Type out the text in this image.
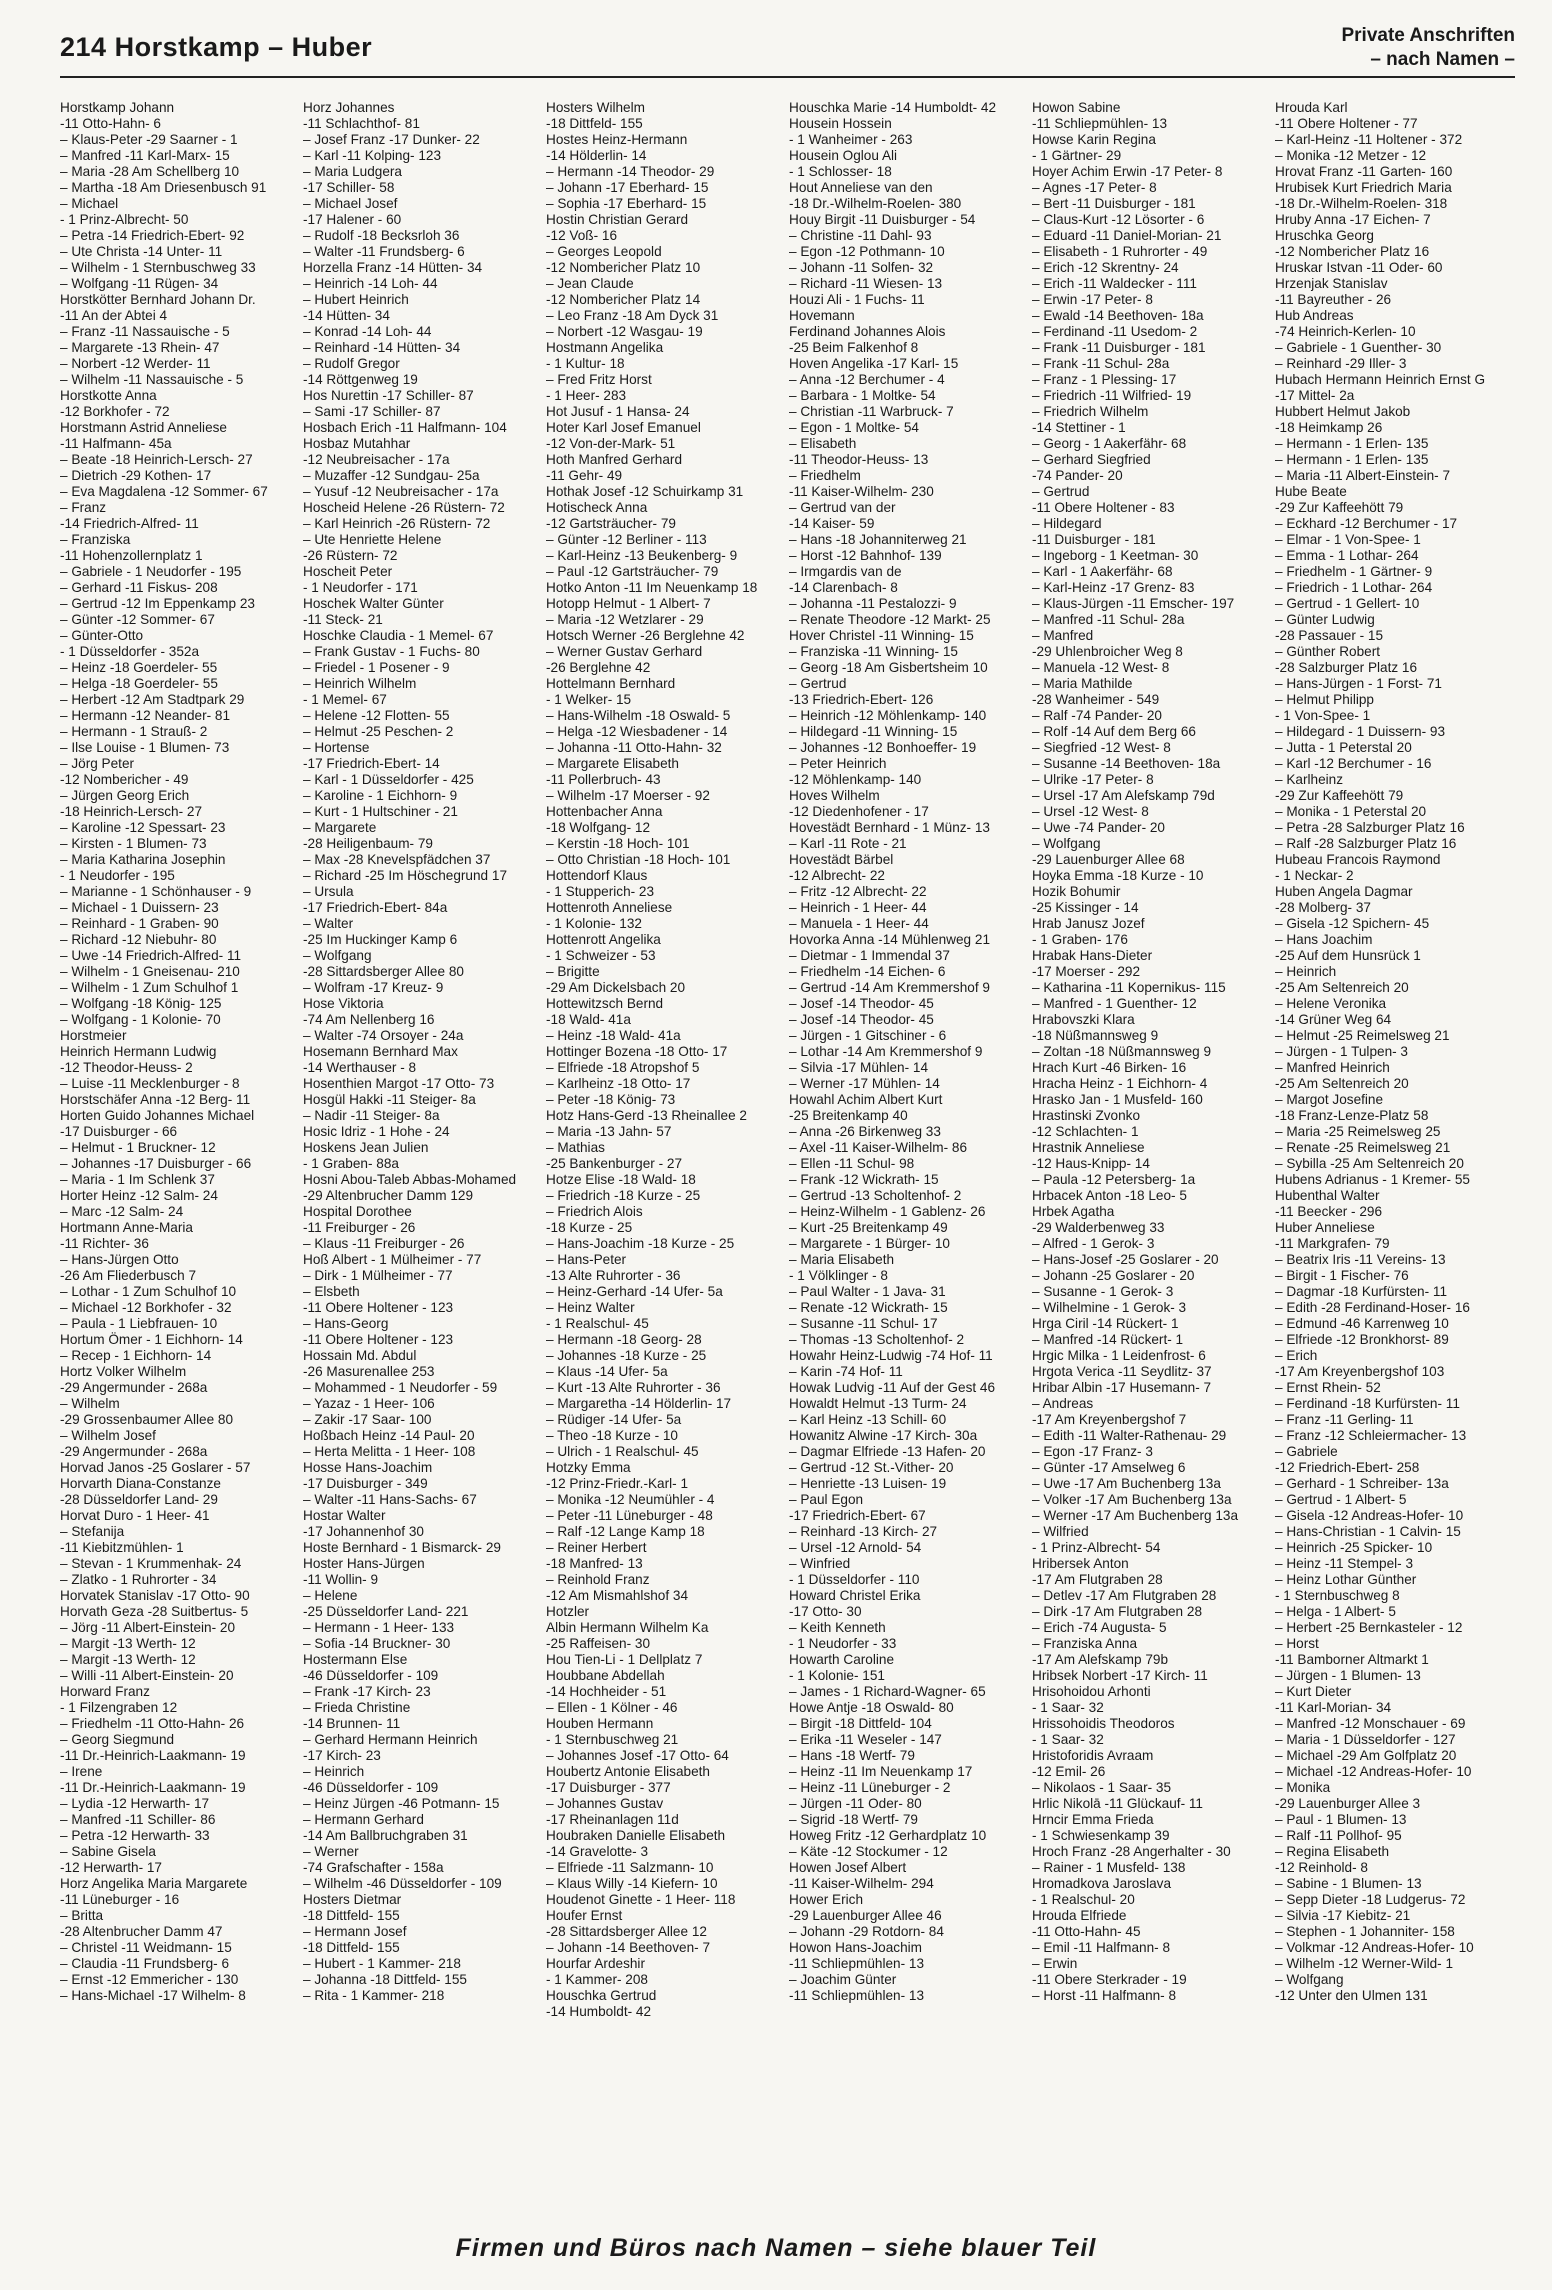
214 Horstkamp – Huber	Private Anschriften
– nach Namen –
Horstkamp Johann
-11 Otto-Hahn- 6
– Klaus-Peter -29 Saarner - 1
– Manfred -11 Karl-Marx- 15
– Maria -28 Am Schellberg 10
– Martha -18 Am Driesenbusch 91
– Michael
- 1 Prinz-Albrecht- 50
– Petra -14 Friedrich-Ebert- 92
– Ute Christa -14 Unter- 11
– Wilhelm - 1 Sternbuschweg 33
– Wolfgang -11 Rügen- 34
Horstkötter Bernhard Johann Dr.
-11 An der Abtei 4
– Franz -11 Nassauische - 5
– Margarete -13 Rhein- 47
– Norbert -12 Werder- 11
– Wilhelm -11 Nassauische - 5
Horstkotte Anna
-12 Borkhofer - 72
Horstmann Astrid Anneliese
-11 Halfmann- 45a
– Beate -18 Heinrich-Lersch- 27
– Dietrich -29 Kothen- 17
– Eva Magdalena -12 Sommer- 67
– Franz
-14 Friedrich-Alfred- 11
– Franziska
-11 Hohenzollernplatz 1
– Gabriele - 1 Neudorfer - 195
– Gerhard -11 Fiskus- 208
– Gertrud -12 Im Eppenkamp 23
– Günter -12 Sommer- 67
– Günter-Otto
- 1 Düsseldorfer - 352a
– Heinz -18 Goerdeler- 55
– Helga -18 Goerdeler- 55
– Herbert -12 Am Stadtpark 29
– Hermann -12 Neander- 81
– Hermann - 1 Strauß- 2
– Ilse Louise - 1 Blumen- 73
– Jörg Peter
-12 Nombericher - 49
– Jürgen Georg Erich
-18 Heinrich-Lersch- 27
– Karoline -12 Spessart- 23
– Kirsten - 1 Blumen- 73
– Maria Katharina Josephin
- 1 Neudorfer - 195
– Marianne - 1 Schönhauser - 9
– Michael - 1 Duissern- 23
– Reinhard - 1 Graben- 90
– Richard -12 Niebuhr- 80
– Uwe -14 Friedrich-Alfred- 11
– Wilhelm - 1 Gneisenau- 210
– Wilhelm - 1 Zum Schulhof 1
– Wolfgang -18 König- 125
– Wolfgang - 1 Kolonie- 70
Horstmeier
Heinrich Hermann Ludwig
-12 Theodor-Heuss- 2
– Luise -11 Mecklenburger - 8
Horstschäfer Anna -12 Berg- 11
Horten Guido Johannes Michael
-17 Duisburger - 66
– Helmut - 1 Bruckner- 12
– Johannes -17 Duisburger - 66
– Maria - 1 Im Schlenk 37
Horter Heinz -12 Salm- 24
– Marc -12 Salm- 24
Hortmann Anne-Maria
-11 Richter- 36
– Hans-Jürgen Otto
-26 Am Fliederbusch 7
– Lothar - 1 Zum Schulhof 10
– Michael -12 Borkhofer - 32
– Paula - 1 Liebfrauen- 10
Hortum Ömer - 1 Eichhorn- 14
– Recep - 1 Eichhorn- 14
Hortz Volker Wilhelm
-29 Angermunder - 268a
– Wilhelm
-29 Grossenbaumer Allee 80
– Wilhelm Josef
-29 Angermunder - 268a
Horvad Janos -25 Goslarer - 57
Horvarth Diana-Constanze
-28 Düsseldorfer Land- 29
Horvat Duro - 1 Heer- 41
– Stefanija
-11 Kiebitzmühlen- 1
– Stevan - 1 Krummenhak- 24
– Zlatko - 1 Ruhrorter - 34
Horvatek Stanislav -17 Otto- 90
Horvath Geza -28 Suitbertus- 5
– Jörg -11 Albert-Einstein- 20
– Margit -13 Werth- 12
– Margit -13 Werth- 12
– Willi -11 Albert-Einstein- 20
Horward Franz
- 1 Filzengraben 12
– Friedhelm -11 Otto-Hahn- 26
– Georg Siegmund
-11 Dr.-Heinrich-Laakmann- 19
– Irene
-11 Dr.-Heinrich-Laakmann- 19
– Lydia -12 Herwarth- 17
– Manfred -11 Schiller- 86
– Petra -12 Herwarth- 33
– Sabine Gisela
-12 Herwarth- 17
Horz Angelika Maria Margarete
-11 Lüneburger - 16
– Britta
-28 Altenbrucher Damm 47
– Christel -11 Weidmann- 15
– Claudia -11 Frundsberg- 6
– Ernst -12 Emmericher - 130
– Hans-Michael -17 Wilhelm- 8
Horz Johannes
-11 Schlachthof- 81
– Josef Franz -17 Dunker- 22
– Karl -11 Kolping- 123
– Maria Ludgera
-17 Schiller- 58
– Michael Josef
-17 Halener - 60
– Rudolf -18 Becksrloh 36
– Walter -11 Frundsberg- 6
Horzella Franz -14 Hütten- 34
– Heinrich -14 Loh- 44
– Hubert Heinrich
-14 Hütten- 34
– Konrad -14 Loh- 44
– Reinhard -14 Hütten- 34
– Rudolf Gregor
-14 Röttgenweg 19
Hos Nurettin -17 Schiller- 87
– Sami -17 Schiller- 87
Hosbach Erich -11 Halfmann- 104
Hosbaz Mutahhar
-12 Neubreisacher - 17a
– Muzaffer -12 Sundgau- 25a
– Yusuf -12 Neubreisacher - 17a
Hoscheid Helene -26 Rüstern- 72
– Karl Heinrich -26 Rüstern- 72
– Ute Henriette Helene
-26 Rüstern- 72
Hoscheit Peter
- 1 Neudorfer - 171
Hoschek Walter Günter
-11 Steck- 21
Hoschke Claudia - 1 Memel- 67
– Frank Gustav - 1 Fuchs- 80
– Friedel - 1 Posener - 9
– Heinrich Wilhelm
- 1 Memel- 67
– Helene -12 Flotten- 55
– Helmut -25 Peschen- 2
– Hortense
-17 Friedrich-Ebert- 14
– Karl - 1 Düsseldorfer - 425
– Karoline - 1 Eichhorn- 9
– Kurt - 1 Hultschiner - 21
– Margarete
-28 Heiligenbaum- 79
– Max -28 Knevelspfädchen 37
– Richard -25 Im Höschegrund 17
– Ursula
-17 Friedrich-Ebert- 84a
– Walter
-25 Im Huckinger Kamp 6
– Wolfgang
-28 Sittardsberger Allee 80
– Wolfram -17 Kreuz- 9
Hose Viktoria
-74 Am Nellenberg 16
– Walter -74 Orsoyer - 24a
Hosemann Bernhard Max
-14 Werthauser - 8
Hosenthien Margot -17 Otto- 73
Hosgül Hakki -11 Steiger- 8a
– Nadir -11 Steiger- 8a
Hosic Idriz - 1 Hohe - 24
Hoskens Jean Julien
- 1 Graben- 88a
Hosni Abou-Taleb Abbas-Mohamed
-29 Altenbrucher Damm 129
Hospital Dorothee
-11 Freiburger - 26
– Klaus -11 Freiburger - 26
Hoß Albert - 1 Mülheimer - 77
– Dirk - 1 Mülheimer - 77
– Elsbeth
-11 Obere Holtener - 123
– Hans-Georg
-11 Obere Holtener - 123
Hossain Md. Abdul
-26 Masurenallee 253
– Mohammed - 1 Neudorfer - 59
– Yazaz - 1 Heer- 106
– Zakir -17 Saar- 100
Hoßbach Heinz -14 Paul- 20
– Herta Melitta - 1 Heer- 108
Hosse Hans-Joachim
-17 Duisburger - 349
– Walter -11 Hans-Sachs- 67
Hostar Walter
-17 Johannenhof 30
Hoste Bernhard - 1 Bismarck- 29
Hoster Hans-Jürgen
-11 Wollin- 9
– Helene
-25 Düsseldorfer Land- 221
– Hermann - 1 Heer- 133
– Sofia -14 Bruckner- 30
Hostermann Else
-46 Düsseldorfer - 109
– Frank -17 Kirch- 23
– Frieda Christine
-14 Brunnen- 11
– Gerhard Hermann Heinrich
-17 Kirch- 23
– Heinrich
-46 Düsseldorfer - 109
– Heinz Jürgen -46 Potmann- 15
– Hermann Gerhard
-14 Am Ballbruchgraben 31
– Werner
-74 Grafschafter - 158a
– Wilhelm -46 Düsseldorfer - 109
Hosters Dietmar
-18 Dittfeld- 155
– Hermann Josef
-18 Dittfeld- 155
– Hubert - 1 Kammer- 218
– Johanna -18 Dittfeld- 155
– Rita - 1 Kammer- 218
Hosters Wilhelm
-18 Dittfeld- 155
Hostes Heinz-Hermann
-14 Hölderlin- 14
– Hermann -14 Theodor- 29
– Johann -17 Eberhard- 15
– Sophia -17 Eberhard- 15
Hostin Christian Gerard
-12 Voß- 16
– Georges Leopold
-12 Nombericher Platz 10
– Jean Claude
-12 Nombericher Platz 14
– Leo Franz -18 Am Dyck 31
– Norbert -12 Wasgau- 19
Hostmann Angelika
- 1 Kultur- 18
– Fred Fritz Horst
- 1 Heer- 283
Hot Jusuf - 1 Hansa- 24
Hoter Karl Josef Emanuel
-12 Von-der-Mark- 51
Hoth Manfred Gerhard
-11 Gehr- 49
Hothak Josef -12 Schuirkamp 31
Hotischeck Anna
-12 Gartsträucher- 79
– Günter -12 Berliner - 113
– Karl-Heinz -13 Beukenberg- 9
– Paul -12 Gartsträucher- 79
Hotko Anton -11 Im Neuenkamp 18
Hotopp Helmut - 1 Albert- 7
– Maria -12 Wetzlarer - 29
Hotsch Werner -26 Berglehne 42
– Werner Gustav Gerhard
-26 Berglehne 42
Hottelmann Bernhard
- 1 Welker- 15
– Hans-Wilhelm -18 Oswald- 5
– Helga -12 Wiesbadener - 14
– Johanna -11 Otto-Hahn- 32
– Margarete Elisabeth
-11 Pollerbruch- 43
– Wilhelm -17 Moerser - 92
Hottenbacher Anna
-18 Wolfgang- 12
– Kerstin -18 Hoch- 101
– Otto Christian -18 Hoch- 101
Hottendorf Klaus
- 1 Stupperich- 23
Hottenroth Anneliese
- 1 Kolonie- 132
Hottenrott Angelika
- 1 Schweizer - 53
– Brigitte
-29 Am Dickelsbach 20
Hottewitzsch Bernd
-18 Wald- 41a
– Heinz -18 Wald- 41a
Hottinger Bozena -18 Otto- 17
– Elfriede -18 Atropshof 5
– Karlheinz -18 Otto- 17
– Peter -18 König- 73
Hotz Hans-Gerd -13 Rheinallee 2
– Maria -13 Jahn- 57
– Mathias
-25 Bankenburger - 27
Hotze Elise -18 Wald- 18
– Friedrich -18 Kurze - 25
– Friedrich Alois
-18 Kurze - 25
– Hans-Joachim -18 Kurze - 25
– Hans-Peter
-13 Alte Ruhrorter - 36
– Heinz-Gerhard -14 Ufer- 5a
– Heinz Walter
- 1 Realschul- 45
– Hermann -18 Georg- 28
– Johannes -18 Kurze - 25
– Klaus -14 Ufer- 5a
– Kurt -13 Alte Ruhrorter - 36
– Margaretha -14 Hölderlin- 17
– Rüdiger -14 Ufer- 5a
– Theo -18 Kurze - 10
– Ulrich - 1 Realschul- 45
Hotzky Emma
-12 Prinz-Friedr.-Karl- 1
– Monika -12 Neumühler - 4
– Peter -11 Lüneburger - 48
– Ralf -12 Lange Kamp 18
– Reiner Herbert
-18 Manfred- 13
– Reinhold Franz
-12 Am Mismahlshof 34
Hotzler
Albin Hermann Wilhelm Ka
-25 Raffeisen- 30
Hou Tien-Li - 1 Dellplatz 7
Houbbane Abdellah
-14 Hochheider - 51
– Ellen - 1 Kölner - 46
Houben Hermann
- 1 Sternbuschweg 21
– Johannes Josef -17 Otto- 64
Houbertz Antonie Elisabeth
-17 Duisburger - 377
– Johannes Gustav
-17 Rheinanlagen 11d
Houbraken Danielle Elisabeth
-14 Gravelotte- 3
– Elfriede -11 Salzmann- 10
– Klaus Willy -14 Kiefern- 10
Houdenot Ginette - 1 Heer- 118
Houfer Ernst
-28 Sittardsberger Allee 12
– Johann -14 Beethoven- 7
Hourfar Ardeshir
- 1 Kammer- 208
Houschka Gertrud
-14 Humboldt- 42
Houschka Marie -14 Humboldt- 42
Housein Hossein
- 1 Wanheimer - 263
Housein Oglou Ali
- 1 Schlosser- 18
Hout Anneliese van den
-18 Dr.-Wilhelm-Roelen- 380
Houy Birgit -11 Duisburger - 54
– Christine -11 Dahl- 93
– Egon -12 Pothmann- 10
– Johann -11 Solfen- 32
– Richard -11 Wiesen- 13
Houzi Ali - 1 Fuchs- 11
Hovemann
Ferdinand Johannes Alois
-25 Beim Falkenhof 8
Hoven Angelika -17 Karl- 15
– Anna -12 Berchumer - 4
– Barbara - 1 Moltke- 54
– Christian -11 Warbruck- 7
– Egon - 1 Moltke- 54
– Elisabeth
-11 Theodor-Heuss- 13
– Friedhelm
-11 Kaiser-Wilhelm- 230
– Gertrud van der
-14 Kaiser- 59
– Hans -18 Johanniterweg 21
– Horst -12 Bahnhof- 139
– Irmgardis van de
-14 Clarenbach- 8
– Johanna -11 Pestalozzi- 9
– Renate Theodore -12 Markt- 25
Hover Christel -11 Winning- 15
– Franziska -11 Winning- 15
– Georg -18 Am Gisbertsheim 10
– Gertrud
-13 Friedrich-Ebert- 126
– Heinrich -12 Möhlenkamp- 140
– Hildegard -11 Winning- 15
– Johannes -12 Bonhoeffer- 19
– Peter Heinrich
-12 Möhlenkamp- 140
Hoves Wilhelm
-12 Diedenhofener - 17
Hovestädt Bernhard - 1 Münz- 13
– Karl -11 Rote - 21
Hovestädt Bärbel
-12 Albrecht- 22
– Fritz -12 Albrecht- 22
– Heinrich - 1 Heer- 44
– Manuela - 1 Heer- 44
Hovorka Anna -14 Mühlenweg 21
– Dietmar - 1 Immendal 37
– Friedhelm -14 Eichen- 6
– Gertrud -14 Am Kremmershof 9
– Josef -14 Theodor- 45
– Josef -14 Theodor- 45
– Jürgen - 1 Gitschiner - 6
– Lothar -14 Am Kremmershof 9
– Silvia -17 Mühlen- 14
– Werner -17 Mühlen- 14
Howahl Achim Albert Kurt
-25 Breitenkamp 40
– Anna -26 Birkenweg 33
– Axel -11 Kaiser-Wilhelm- 86
– Ellen -11 Schul- 98
– Frank -12 Wickrath- 15
– Gertrud -13 Scholtenhof- 2
– Heinz-Wilhelm - 1 Gablenz- 26
– Kurt -25 Breitenkamp 49
– Margarete - 1 Bürger- 10
– Maria Elisabeth
- 1 Völklinger - 8
– Paul Walter - 1 Java- 31
– Renate -12 Wickrath- 15
– Susanne -11 Schul- 17
– Thomas -13 Scholtenhof- 2
Howahr Heinz-Ludwig -74 Hof- 11
– Karin -74 Hof- 11
Howak Ludvig -11 Auf der Gest 46
Howaldt Helmut -13 Turm- 24
– Karl Heinz -13 Schill- 60
Howanitz Alwine -17 Kirch- 30a
– Dagmar Elfriede -13 Hafen- 20
– Gertrud -12 St.-Vither- 20
– Henriette -13 Luisen- 19
– Paul Egon
-17 Friedrich-Ebert- 67
– Reinhard -13 Kirch- 27
– Ursel -12 Arnold- 54
– Winfried
- 1 Düsseldorfer - 110
Howard Christel Erika
-17 Otto- 30
– Keith Kenneth
- 1 Neudorfer - 33
Howarth Caroline
- 1 Kolonie- 151
– James - 1 Richard-Wagner- 65
Howe Antje -18 Oswald- 80
– Birgit -18 Dittfeld- 104
– Erika -11 Weseler - 147
– Hans -18 Wertf- 79
– Heinz -11 Im Neuenkamp 17
– Heinz -11 Lüneburger - 2
– Jürgen -11 Oder- 80
– Sigrid -18 Wertf- 79
Howeg Fritz -12 Gerhardplatz 10
– Käte -12 Stockumer - 12
Howen Josef Albert
-11 Kaiser-Wilhelm- 294
Hower Erich
-29 Lauenburger Allee 46
– Johann -29 Rotdorn- 84
Howon Hans-Joachim
-11 Schliepmühlen- 13
– Joachim Günter
-11 Schliepmühlen- 13
Howon Sabine
-11 Schliepmühlen- 13
Howse Karin Regina
- 1 Gärtner- 29
Hoyer Achim Erwin -17 Peter- 8
– Agnes -17 Peter- 8
– Bert -11 Duisburger - 181
– Claus-Kurt -12 Lösorter - 6
– Eduard -11 Daniel-Morian- 21
– Elisabeth - 1 Ruhrorter - 49
– Erich -12 Skrentny- 24
– Erich -11 Waldecker - 111
– Erwin -17 Peter- 8
– Ewald -14 Beethoven- 18a
– Ferdinand -11 Usedom- 2
– Frank -11 Duisburger - 181
– Frank -11 Schul- 28a
– Franz - 1 Plessing- 17
– Friedrich -11 Wilfried- 19
– Friedrich Wilhelm
-14 Stettiner - 1
– Georg - 1 Aakerfähr- 68
– Gerhard Siegfried
-74 Pander- 20
– Gertrud
-11 Obere Holtener - 83
– Hildegard
-11 Duisburger - 181
– Ingeborg - 1 Keetman- 30
– Karl - 1 Aakerfähr- 68
– Karl-Heinz -17 Grenz- 83
– Klaus-Jürgen -11 Emscher- 197
– Manfred -11 Schul- 28a
– Manfred
-29 Uhlenbroicher Weg 8
– Manuela -12 West- 8
– Maria Mathilde
-28 Wanheimer - 549
– Ralf -74 Pander- 20
– Rolf -14 Auf dem Berg 66
– Siegfried -12 West- 8
– Susanne -14 Beethoven- 18a
– Ulrike -17 Peter- 8
– Ursel -17 Am Alefskamp 79d
– Ursel -12 West- 8
– Uwe -74 Pander- 20
– Wolfgang
-29 Lauenburger Allee 68
Hoyka Emma -18 Kurze - 10
Hozik Bohumir
-25 Kissinger - 14
Hrab Janusz Jozef
- 1 Graben- 176
Hrabak Hans-Dieter
-17 Moerser - 292
– Katharina -11 Kopernikus- 115
– Manfred - 1 Guenther- 12
Hrabovszki Klara
-18 Nüßmannsweg 9
– Zoltan -18 Nüßmannsweg 9
Hrach Kurt -46 Birken- 16
Hracha Heinz - 1 Eichhorn- 4
Hrasko Jan - 1 Musfeld- 160
Hrastinski Zvonko
-12 Schlachten- 1
Hrastnik Anneliese
-12 Haus-Knipp- 14
– Paula -12 Petersberg- 1a
Hrbacek Anton -18 Leo- 5
Hrbek Agatha
-29 Walderbenweg 33
– Alfred - 1 Gerok- 3
– Hans-Josef -25 Goslarer - 20
– Johann -25 Goslarer - 20
– Susanne - 1 Gerok- 3
– Wilhelmine - 1 Gerok- 3
Hrga Ciril -14 Rückert- 1
– Manfred -14 Rückert- 1
Hrgic Milka - 1 Leidenfrost- 6
Hrgota Verica -11 Seydlitz- 37
Hribar Albin -17 Husemann- 7
– Andreas
-17 Am Kreyenbergshof 7
– Edith -11 Walter-Rathenau- 29
– Egon -17 Franz- 3
– Günter -17 Amselweg 6
– Uwe -17 Am Buchenberg 13a
– Volker -17 Am Buchenberg 13a
– Werner -17 Am Buchenberg 13a
– Wilfried
- 1 Prinz-Albrecht- 54
Hribersek Anton
-17 Am Flutgraben 28
– Detlev -17 Am Flutgraben 28
– Dirk -17 Am Flutgraben 28
– Erich -74 Augusta- 5
– Franziska Anna
-17 Am Alefskamp 79b
Hribsek Norbert -17 Kirch- 11
Hrisohoidou Arhonti
- 1 Saar- 32
Hrissohoidis Theodoros
- 1 Saar- 32
Hristoforidis Avraam
-12 Emil- 26
– Nikolaos - 1 Saar- 35
Hrlic Nikolā -11 Glückauf- 11
Hrncir Emma Frieda
- 1 Schwiesenkamp 39
Hroch Franz -28 Angerhalter - 30
– Rainer - 1 Musfeld- 138
Hromadkova Jaroslava
- 1 Realschul- 20
Hrouda Elfriede
-11 Otto-Hahn- 45
– Emil -11 Halfmann- 8
– Erwin
-11 Obere Sterkrader - 19
– Horst -11 Halfmann- 8
Hrouda Karl
-11 Obere Holtener - 77
– Karl-Heinz -11 Holtener - 372
– Monika -12 Metzer - 12
Hrovat Franz -11 Garten- 160
Hrubisek Kurt Friedrich Maria
-18 Dr.-Wilhelm-Roelen- 318
Hruby Anna -17 Eichen- 7
Hruschka Georg
-12 Nombericher Platz 16
Hruskar Istvan -11 Oder- 60
Hrzenjak Stanislav
-11 Bayreuther - 26
Hub Andreas
-74 Heinrich-Kerlen- 10
– Gabriele - 1 Guenther- 30
– Reinhard -29 Iller- 3
Hubach Hermann Heinrich Ernst G
-17 Mittel- 2a
Hubbert Helmut Jakob
-18 Heimkamp 26
– Hermann - 1 Erlen- 135
– Hermann - 1 Erlen- 135
– Maria -11 Albert-Einstein- 7
Hube Beate
-29 Zur Kaffeehött 79
– Eckhard -12 Berchumer - 17
– Elmar - 1 Von-Spee- 1
– Emma - 1 Lothar- 264
– Friedhelm - 1 Gärtner- 9
– Friedrich - 1 Lothar- 264
– Gertrud - 1 Gellert- 10
– Günter Ludwig
-28 Passauer - 15
– Günther Robert
-28 Salzburger Platz 16
– Hans-Jürgen - 1 Forst- 71
– Helmut Philipp
- 1 Von-Spee- 1
– Hildegard - 1 Duissern- 93
– Jutta - 1 Peterstal 20
– Karl -12 Berchumer - 16
– Karlheinz
-29 Zur Kaffeehött 79
– Monika - 1 Peterstal 20
– Petra -28 Salzburger Platz 16
– Ralf -28 Salzburger Platz 16
Hubeau Francois Raymond
- 1 Neckar- 2
Huben Angela Dagmar
-28 Molberg- 37
– Gisela -12 Spichern- 45
– Hans Joachim
-25 Auf dem Hunsrück 1
– Heinrich
-25 Am Seltenreich 20
– Helene Veronika
-14 Grüner Weg 64
– Helmut -25 Reimelsweg 21
– Jürgen - 1 Tulpen- 3
– Manfred Heinrich
-25 Am Seltenreich 20
– Margot Josefine
-18 Franz-Lenze-Platz 58
– Maria -25 Reimelsweg 25
– Renate -25 Reimelsweg 21
– Sybilla -25 Am Seltenreich 20
Hubens Adrianus - 1 Kremer- 55
Hubenthal Walter
-11 Beecker - 296
Huber Anneliese
-11 Markgrafen- 79
– Beatrix Iris -11 Vereins- 13
– Birgit - 1 Fischer- 76
– Dagmar -18 Kurfürsten- 11
– Edith -28 Ferdinand-Hoser- 16
– Edmund -46 Karrenweg 10
– Elfriede -12 Bronkhorst- 89
– Erich
-17 Am Kreyenbergshof 103
– Ernst Rhein- 52
– Ferdinand -18 Kurfürsten- 11
– Franz -11 Gerling- 11
– Franz -12 Schleiermacher- 13
– Gabriele
-12 Friedrich-Ebert- 258
– Gerhard - 1 Schreiber- 13a
– Gertrud - 1 Albert- 5
– Gisela -12 Andreas-Hofer- 10
– Hans-Christian - 1 Calvin- 15
– Heinrich -25 Spicker- 10
– Heinz -11 Stempel- 3
– Heinz Lothar Günther
- 1 Sternbuschweg 8
– Helga - 1 Albert- 5
– Herbert -25 Bernkasteler - 12
– Horst
-11 Bamborner Altmarkt 1
– Jürgen - 1 Blumen- 13
– Kurt Dieter
-11 Karl-Morian- 34
– Manfred -12 Monschauer - 69
– Maria - 1 Düsseldorfer - 127
– Michael -29 Am Golfplatz 20
– Michael -12 Andreas-Hofer- 10
– Monika
-29 Lauenburger Allee 3
– Paul - 1 Blumen- 13
– Ralf -11 Pollhof- 95
– Regina Elisabeth
-12 Reinhold- 8
– Sabine - 1 Blumen- 13
– Sepp Dieter -18 Ludgerus- 72
– Silvia -17 Kiebitz- 21
– Stephen - 1 Johanniter- 158
– Volkmar -12 Andreas-Hofer- 10
– Wilhelm -12 Werner-Wild- 1
– Wolfgang
-12 Unter den Ulmen 131
Firmen und Büros nach Namen – siehe blauer Teil
